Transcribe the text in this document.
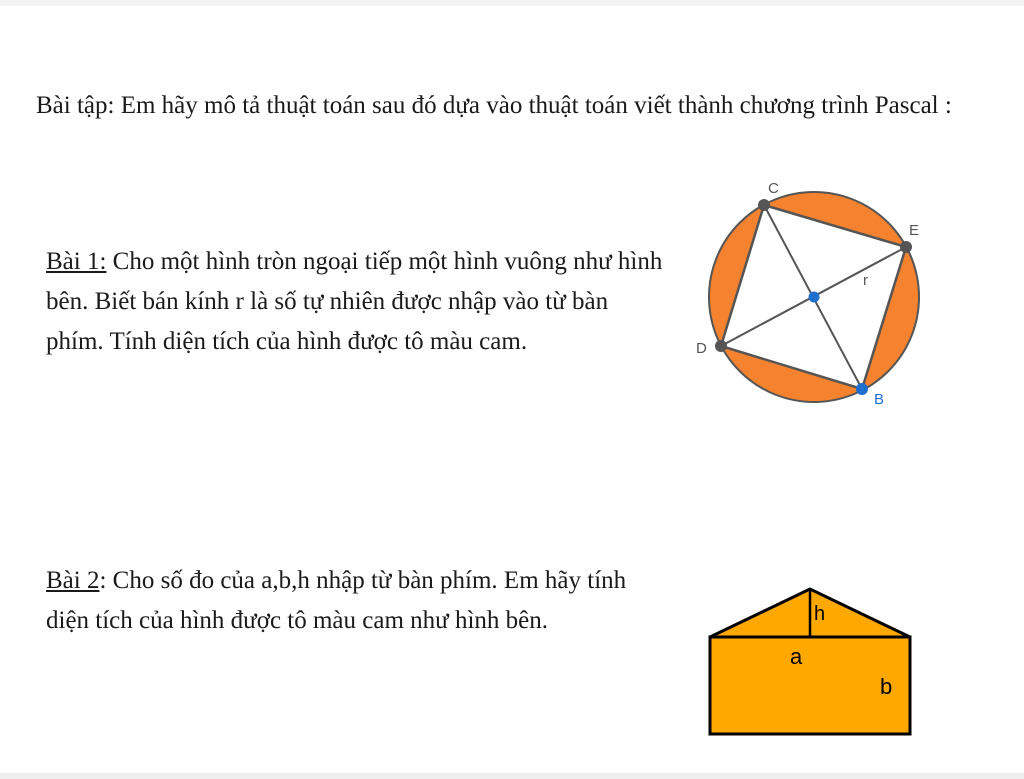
Bài tập: Em hãy mô tả thuật toán sau đó dựa vào thuật toán viết thành chương trình Pascal :
Bài 1: Cho một hình tròn ngoại tiếp một hình vuông như hình bên. Biết bán kính r là số tự nhiên được nhập vào từ bàn phím. Tính diện tích của hình được tô màu cam.
C
E
D
B
r
Bài 2: Cho số đo của a,b,h nhập từ bàn phím. Em hãy tính diện tích của hình được tô màu cam như hình bên.	h
a
b
